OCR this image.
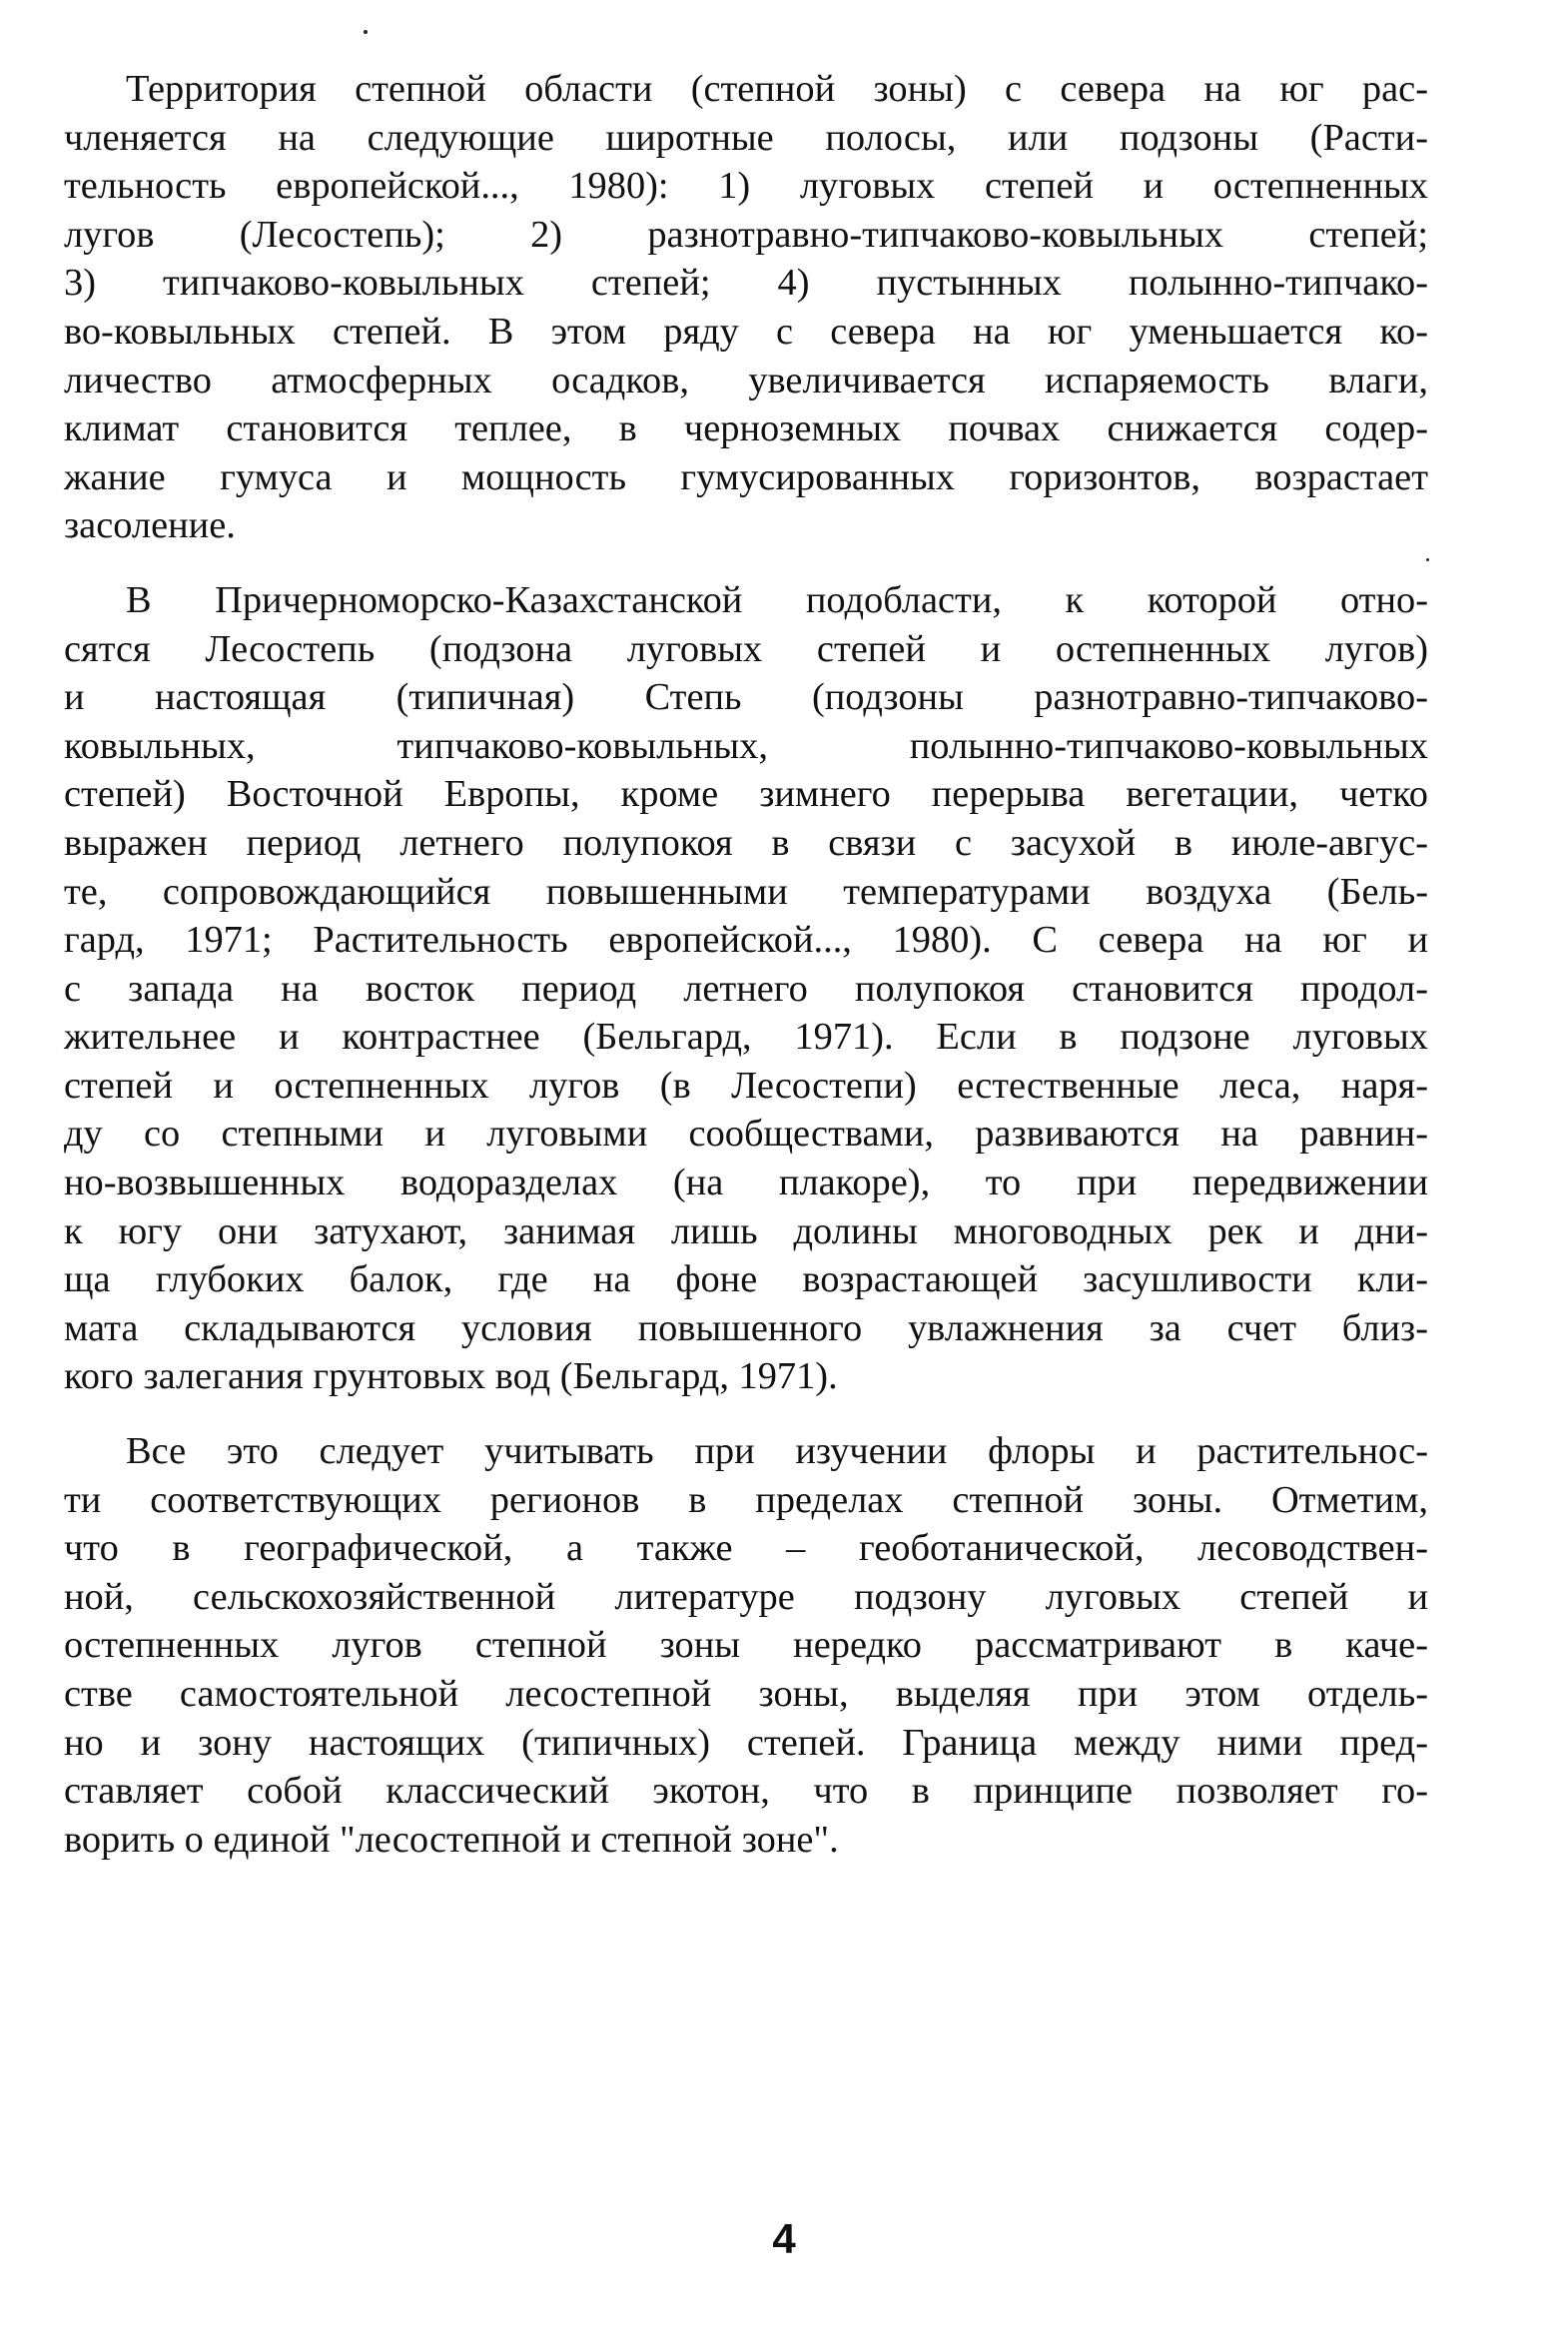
Территория степной области (степной зоны) с севера на юг рас-
членяется на следующие широтные полосы, или подзоны (Расти-
тельность европейской..., 1980): 1) луговых степей и остепненных
лугов (Лесостепь); 2) разнотравно-типчаково-ковыльных степей;
3) типчаково-ковыльных степей; 4) пустынных полынно-типчако-
во-ковыльных степей. В этом ряду с севера на юг уменьшается ко-
личество атмосферных осадков, увеличивается испаряемость влаги,
климат становится теплее, в черноземных почвах снижается содер-
жание гумуса и мощность гумусированных горизонтов, возрастает
засоление.

В Причерноморско-Казахстанской подобласти, к которой отно-
сятся Лесостепь (подзона луговых степей и остепненных лугов)
и настоящая (типичная) Степь (подзоны разнотравно-типчаково-
ковыльных, типчаково-ковыльных, полынно-типчаково-ковыльных
степей) Восточной Европы, кроме зимнего перерыва вегетации, четко
выражен период летнего полупокоя в связи с засухой в июле-авгус-
те, сопровождающийся повышенными температурами воздуха (Бель-
гард, 1971; Растительность европейской..., 1980). С севера на юг и
с запада на восток период летнего полупокоя становится продол-
жительнее и контрастнее (Бельгард, 1971). Если в подзоне луговых
степей и остепненных лугов (в Лесостепи) естественные леса, наря-
ду со степными и луговыми сообществами, развиваются на равнин-
но-возвышенных водоразделах (на плакоре), то при передвижении
к югу они затухают, занимая лишь долины многоводных рек и дни-
ща глубоких балок, где на фоне возрастающей засушливости кли-
мата складываются условия повышенного увлажнения за счет близ-
кого залегания грунтовых вод (Бельгард, 1971).

Все это следует учитывать при изучении флоры и растительнос-
ти соответствующих регионов в пределах степной зоны. Отметим,
что в географической, а также – геоботанической, лесоводствен-
ной, сельскохозяйственной литературе подзону луговых степей и
остепненных лугов степной зоны нередко рассматривают в каче-
стве самостоятельной лесостепной зоны, выделяя при этом отдель-
но и зону настоящих (типичных) степей. Граница между ними пред-
ставляет собой классический экотон, что в принципе позволяет го-
ворить о единой "лесостепной и степной зоне".

4
